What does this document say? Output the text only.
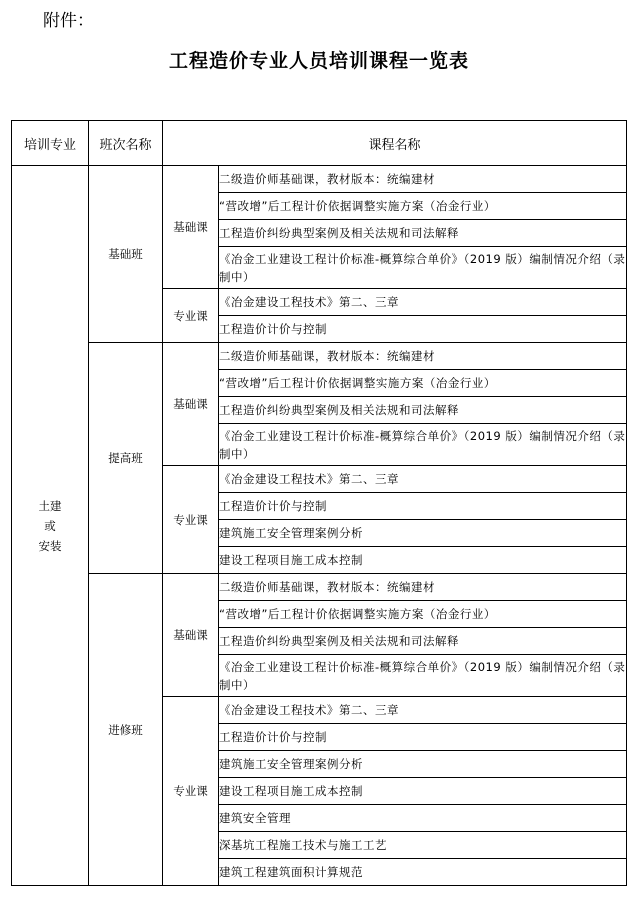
附件：
工程造价专业人员培训课程一览表
培训专业	班次名称	课程名称	

土建
或
安装	基础班	基础课	二级造价师基础课，教材版本：统编建材
			“营改增”后工程计价依据调整实施方案（冶金行业）
			工程造价纠纷典型案例及相关法规和司法解释
			《冶金工业建设工程计价标准-概算综合单价》（2019 版）编制情况介绍（录制中）
		专业课	《冶金建设工程技术》第二、三章
			工程造价计价与控制
	提高班	基础课	二级造价师基础课，教材版本：统编建材
			“营改增”后工程计价依据调整实施方案（冶金行业）
			工程造价纠纷典型案例及相关法规和司法解释
			《冶金工业建设工程计价标准-概算综合单价》（2019 版）编制情况介绍（录制中）
		专业课	《冶金建设工程技术》第二、三章
			工程造价计价与控制
			建筑施工安全管理案例分析
			建设工程项目施工成本控制
	进修班	基础课	二级造价师基础课，教材版本：统编建材
			“营改增”后工程计价依据调整实施方案（冶金行业）
			工程造价纠纷典型案例及相关法规和司法解释
			《冶金工业建设工程计价标准-概算综合单价》（2019 版）编制情况介绍（录制中）
		专业课	《冶金建设工程技术》第二、三章
			工程造价计价与控制
			建筑施工安全管理案例分析
			建设工程项目施工成本控制
			建筑安全管理
			深基坑工程施工技术与施工工艺
			建筑工程建筑面积计算规范
